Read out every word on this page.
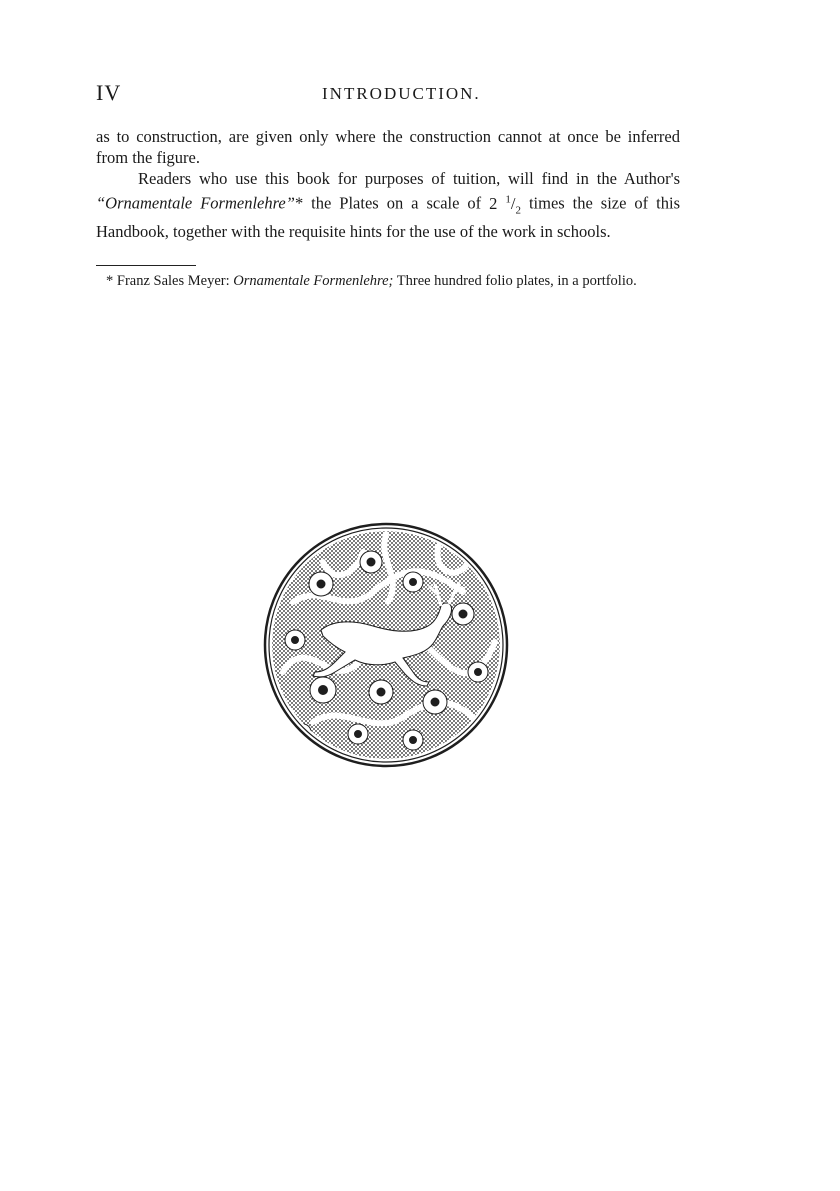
IV	INTRODUCTION.

as to construction, are given only where the construction cannot at once be inferred from the figure.

Readers who use this book for purposes of tuition, will find in the Author's “Ornamentale Formenlehre”* the Plates on a scale of 2 $^1/_2$ times the size of this Handbook, together with the requisite hints for the use of the work in schools.

* Franz Sales Meyer: Ornamentale Formenlehre; Three hundred folio plates, in a portfolio.
